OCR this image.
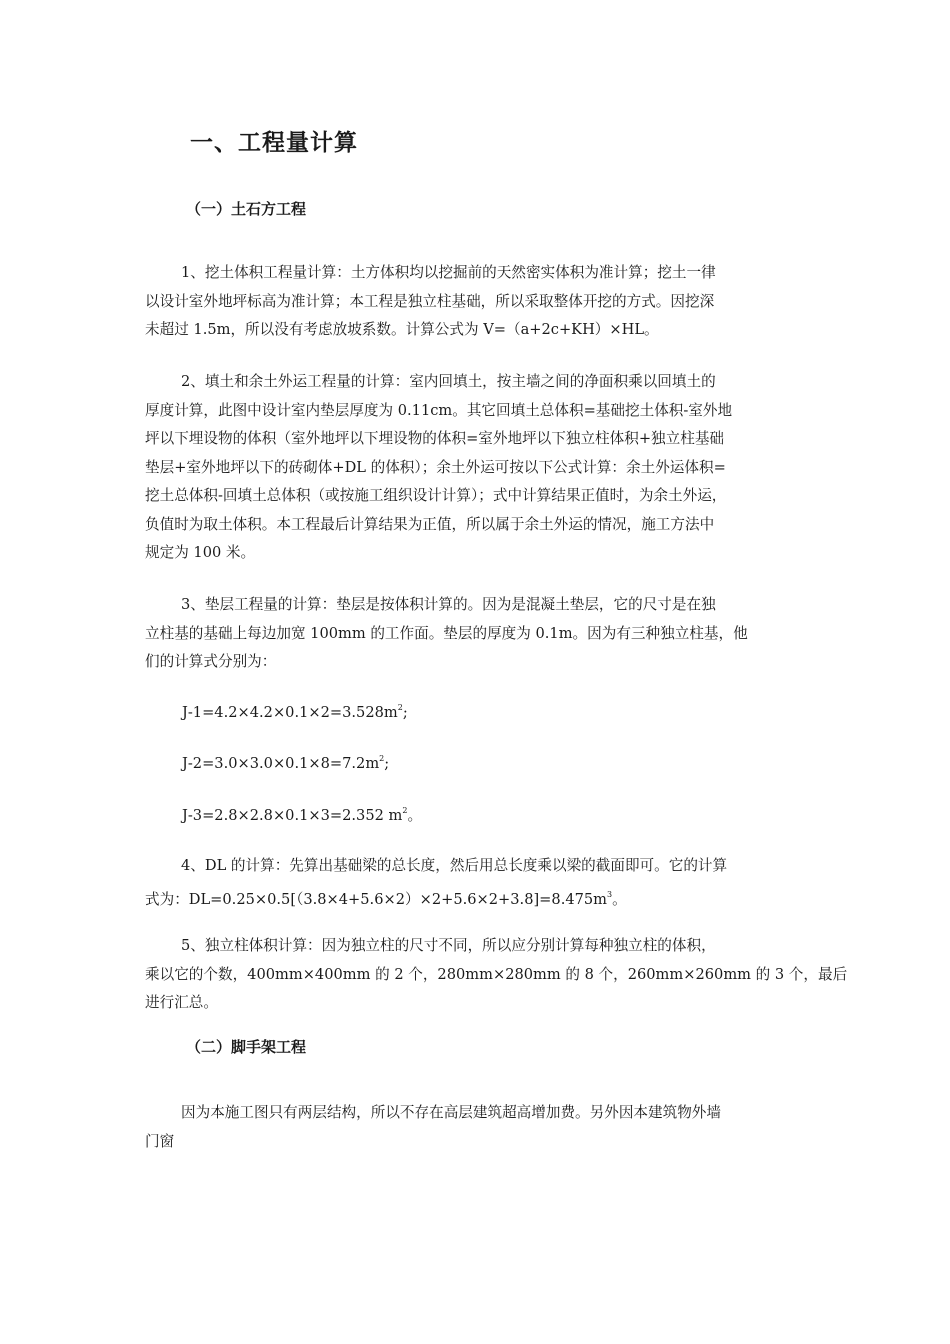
一、工程量计算
（一）土石方工程

1、挖土体积工程量计算：土方体积均以挖掘前的天然密实体积为准计算；挖土一律
以设计室外地坪标高为准计算；本工程是独立柱基础，所以采取整体开挖的方式。因挖深
未超过 1.5m，所以没有考虑放坡系数。计算公式为 V=（a+2c+KH）×HL。

2、填土和余土外运工程量的计算：室内回填土，按主墙之间的净面积乘以回填土的
厚度计算，此图中设计室内垫层厚度为 0.11cm。其它回填土总体积=基础挖土体积-室外地
坪以下埋设物的体积（室外地坪以下埋设物的体积=室外地坪以下独立柱体积+独立柱基础
垫层+室外地坪以下的砖砌体+DL 的体积）；余土外运可按以下公式计算：余土外运体积=
挖土总体积-回填土总体积（或按施工组织设计计算）；式中计算结果正值时，为余土外运，
负值时为取土体积。本工程最后计算结果为正值，所以属于余土外运的情况，施工方法中
规定为 100 米。

3、垫层工程量的计算：垫层是按体积计算的。因为是混凝土垫层，它的尺寸是在独
立柱基的基础上每边加宽 100mm 的工作面。垫层的厚度为 0.1m。因为有三种独立柱基，他
们的计算式分别为：

$J-1=4.2\times 4.2\times 0.1\times 2=3.528m^2$;

$J-2=3.0\times 3.0\times 0.1\times 8=7.2m^2$;

J-3=2.8×2.8×0.1×3=2.352 $m^2$。

4、DL 的计算：先算出基础梁的总长度，然后用总长度乘以梁的截面即可。它的计算
式为：$DL=0.25\times 0.5[(3.8\times 4+5.6\times 2)\times 2+5.6\times 2+3.8]=8.475m^3$。

5、独立柱体积计算：因为独立柱的尺寸不同，所以应分别计算每种独立柱的体积，
乘以它的个数，400mm×400mm 的 2 个，280mm×280mm 的 8 个，260mm×260mm 的 3 个，最后
进行汇总。

（二）脚手架工程

因为本施工图只有两层结构，所以不存在高层建筑超高增加费。另外因本建筑物外墙
门窗
